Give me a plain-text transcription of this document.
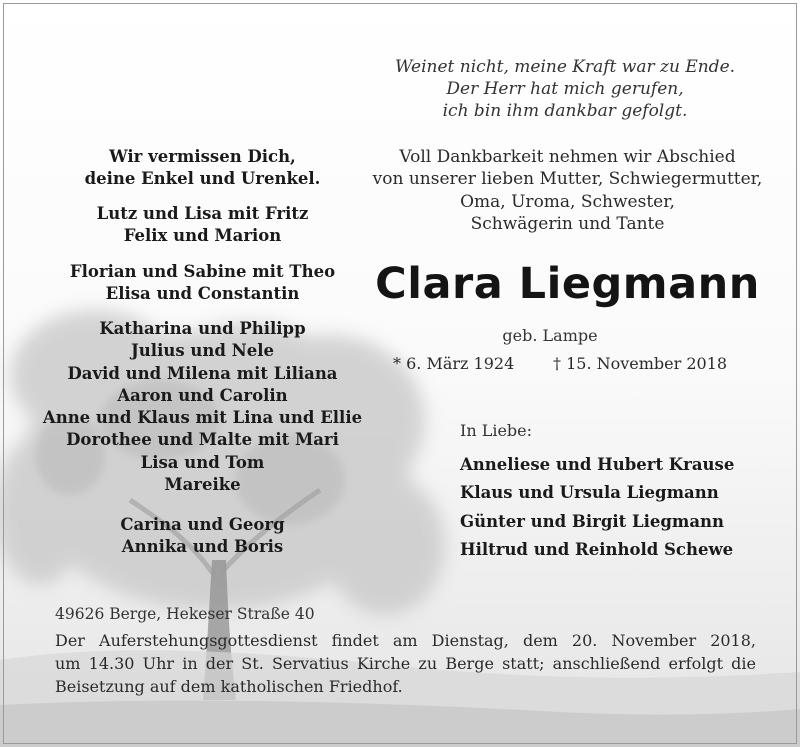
Weinet nicht, meine Kraft war zu Ende.
Der Herr hat mich gerufen,
ich bin ihm dankbar gefolgt.

Voll Dankbarkeit nehmen wir Abschied
von unserer lieben Mutter, Schwiegermutter,
Oma, Uroma, Schwester,
Schwägerin und Tante

Clara Liegmann

geb. Lampe

* 6. März 1924 † 15. November 2018

In Liebe:

Anneliese und Hubert Krause
Klaus und Ursula Liegmann
Günter und Birgit Liegmann
Hiltrud und Reinhold Schewe

Wir vermissen Dich,
deine Enkel und Urenkel.

Lutz und Lisa mit Fritz
Felix und Marion

Florian und Sabine mit Theo
Elisa und Constantin

Katharina und Philipp
Julius und Nele
David und Milena mit Liliana
Aaron und Carolin
Anne und Klaus mit Lina und Ellie
Dorothee und Malte mit Mari
Lisa und Tom
Mareike

Carina und Georg
Annika und Boris

49626 Berge, Hekeser Straße 40

Der Auferstehungsgottesdienst findet am Dienstag, dem 20. November 2018,
um 14.30 Uhr in der St. Servatius Kirche zu Berge statt; anschließend erfolgt die
Beisetzung auf dem katholischen Friedhof.
